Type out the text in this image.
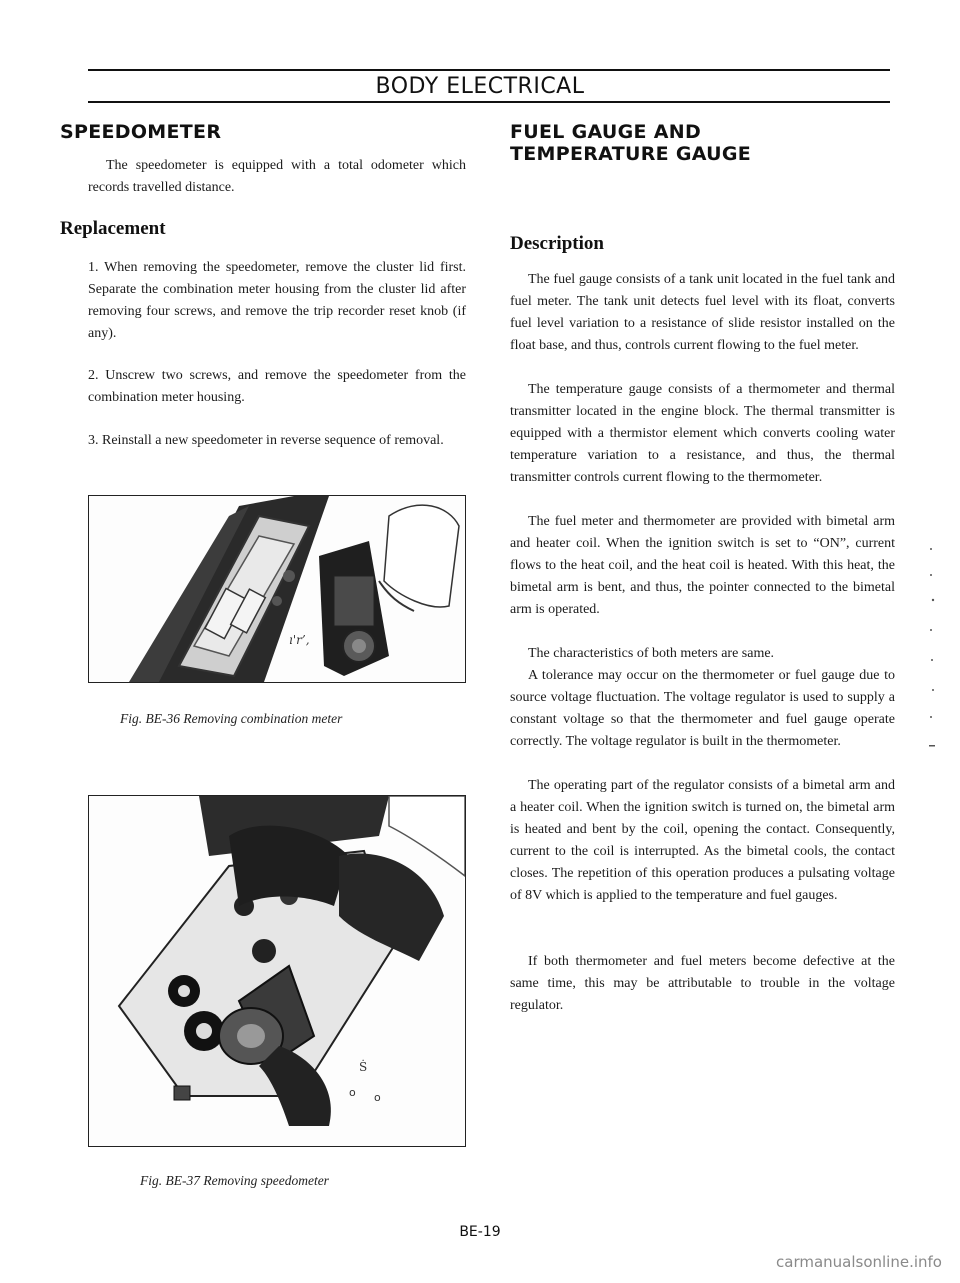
BODY ELECTRICAL
SPEEDOMETER

The speedometer is equipped with a total odometer which records travelled distance.

Replacement

1. When removing the speedometer, remove the cluster lid first. Separate the combination meter housing from the cluster lid after removing four screws, and remove the trip recorder reset knob (if any).

2. Unscrew two screws, and remove the speedometer from the combination meter housing.

3. Reinstall a new speedometer in reverse sequence of removal.

ı'r’,
Fig. BE-36 Removing combination meter
Ṡ
o o
Fig. BE-37 Removing speedometer
FUEL GAUGE AND
TEMPERATURE GAUGE
Description

The fuel gauge consists of a tank unit located in the fuel tank and fuel meter. The tank unit detects fuel level with its float, converts fuel level variation to a resistance of slide resistor installed on the float base, and thus, controls current flowing to the fuel meter.

The temperature gauge consists of a thermometer and thermal transmitter located in the engine block. The thermal transmitter is equipped with a thermistor element which converts cooling water temperature variation to a resistance, and thus, the thermal transmitter controls current flowing to the thermometer.

The fuel meter and thermometer are provided with bimetal arm and heater coil. When the ignition switch is set to “ON”, current flows to the heat coil, and the heat coil is heated. With this heat, the bimetal arm is bent, and thus, the pointer connected to the bimetal arm is operated.

The characteristics of both meters are same.

A tolerance may occur on the thermometer or fuel gauge due to source voltage fluctuation. The voltage regulator is used to supply a constant voltage so that the thermometer and fuel gauge operate correctly. The voltage regulator is built in the thermometer.

The operating part of the regulator consists of a bimetal arm and a heater coil. When the ignition switch is turned on, the bimetal arm is heated and bent by the coil, opening the contact. Consequently, current to the coil is interrupted. As the bimetal cools, the contact closes. The repetition of this operation produces a pulsating voltage of 8V which is applied to the temperature and fuel gauges.

If both thermometer and fuel meters become defective at the same time, this may be attributable to trouble in the voltage regulator.

BE-19
carmanualsonline.info
